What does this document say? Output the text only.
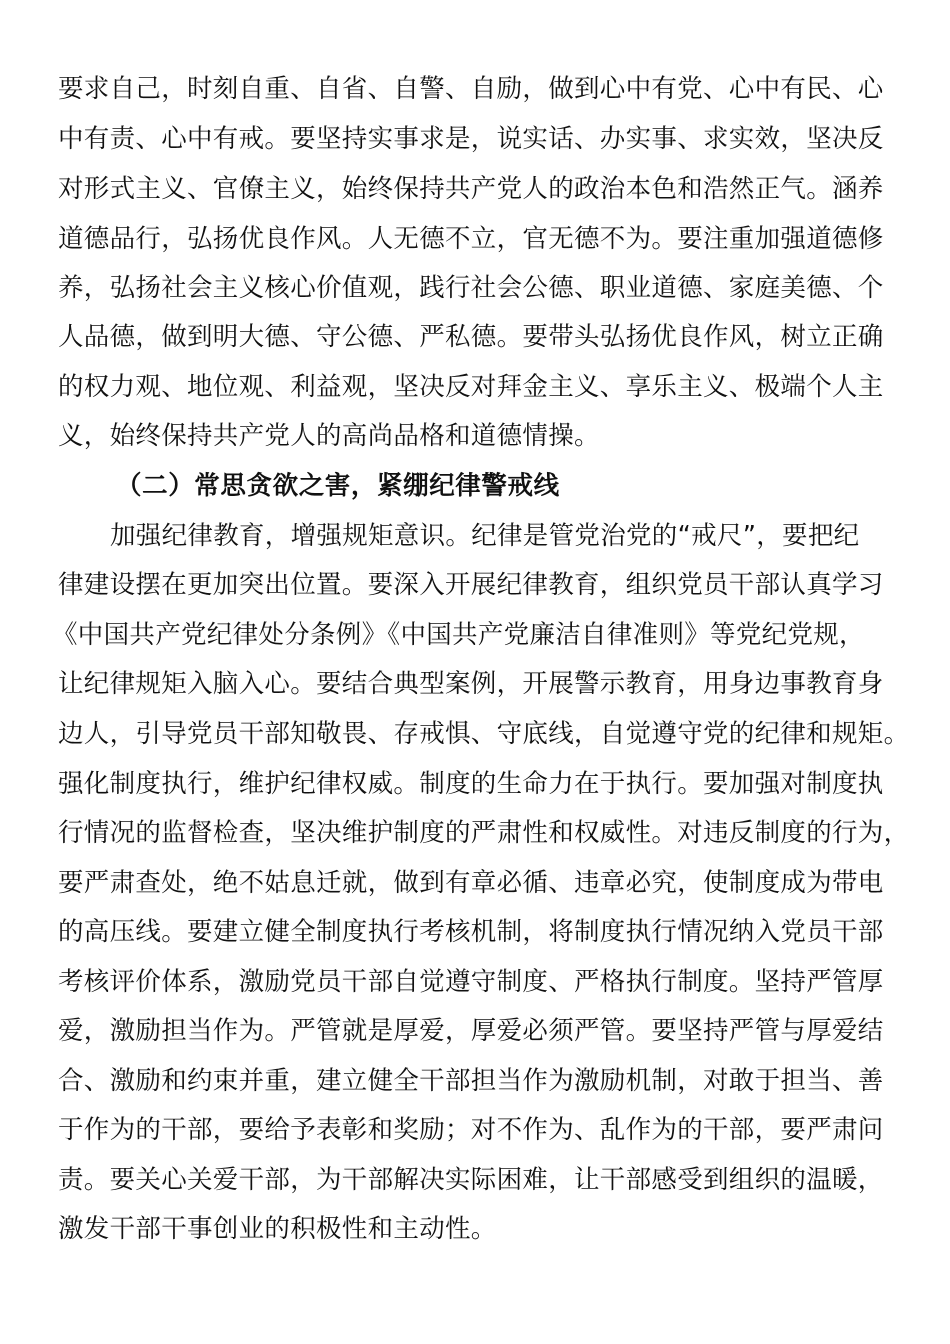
要求自己，时刻自重、自省、自警、自励，做到心中有党、心中有民、心
中有责、心中有戒。要坚持实事求是，说实话、办实事、求实效，坚决反
对形式主义、官僚主义，始终保持共产党人的政治本色和浩然正气。涵养
道德品行，弘扬优良作风。人无德不立，官无德不为。要注重加强道德修
养，弘扬社会主义核心价值观，践行社会公德、职业道德、家庭美德、个
人品德，做到明大德、守公德、严私德。要带头弘扬优良作风，树立正确
的权力观、地位观、利益观，坚决反对拜金主义、享乐主义、极端个人主
义，始终保持共产党人的高尚品格和道德情操。
（二）常思贪欲之害，紧绷纪律警戒线
加强纪律教育，增强规矩意识。纪律是管党治党的“戒尺”，要把纪
律建设摆在更加突出位置。要深入开展纪律教育，组织党员干部认真学习
《中国共产党纪律处分条例》《中国共产党廉洁自律准则》等党纪党规，
让纪律规矩入脑入心。要结合典型案例，开展警示教育，用身边事教育身
边人，引导党员干部知敬畏、存戒惧、守底线，自觉遵守党的纪律和规矩。
强化制度执行，维护纪律权威。制度的生命力在于执行。要加强对制度执
行情况的监督检查，坚决维护制度的严肃性和权威性。对违反制度的行为，
要严肃查处，绝不姑息迁就，做到有章必循、违章必究，使制度成为带电
的高压线。要建立健全制度执行考核机制，将制度执行情况纳入党员干部
考核评价体系，激励党员干部自觉遵守制度、严格执行制度。坚持严管厚
爱，激励担当作为。严管就是厚爱，厚爱必须严管。要坚持严管与厚爱结
合、激励和约束并重，建立健全干部担当作为激励机制，对敢于担当、善
于作为的干部，要给予表彰和奖励；对不作为、乱作为的干部，要严肃问
责。要关心关爱干部，为干部解决实际困难，让干部感受到组织的温暖，
激发干部干事创业的积极性和主动性。
